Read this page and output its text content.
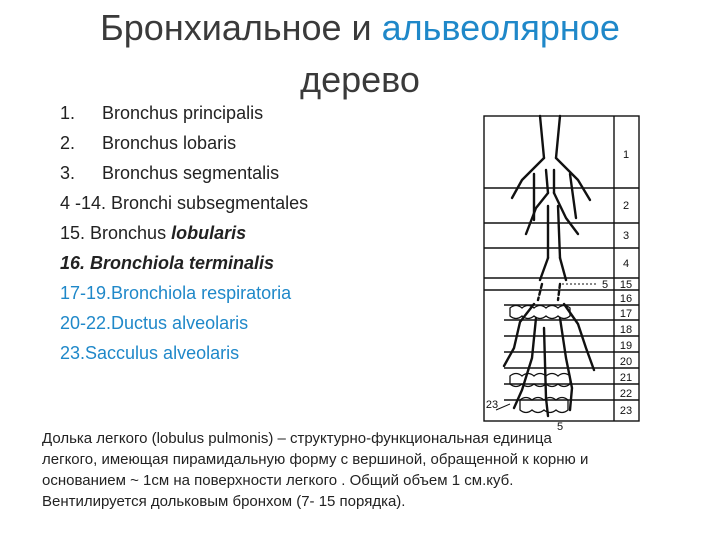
Бронхиальное и альвеолярное
дерево
1. Bronchus principalis
2. Bronchus lobaris
3. Bronchus segmentalis
4 -14. Bronchi subsegmentales
15. Bronchus lobularis
16. Bronchiola terminalis
17-19.Bronchiola respiratoria
20-22.Ductus alveolaris
23.Sacculus alveolaris
1
2
3
4
5 15
16
17
18
19
20
21
22
23
23
5
Долька легкого (lobulus pulmonis) – структурно-функциональная единица легкого, имеющая пирамидальную форму с вершиной, обращенной к корню и основанием ~ 1см на поверхности легкого . Общий объем 1 см.куб. Вентилируется дольковым бронхом (7- 15 порядка).
